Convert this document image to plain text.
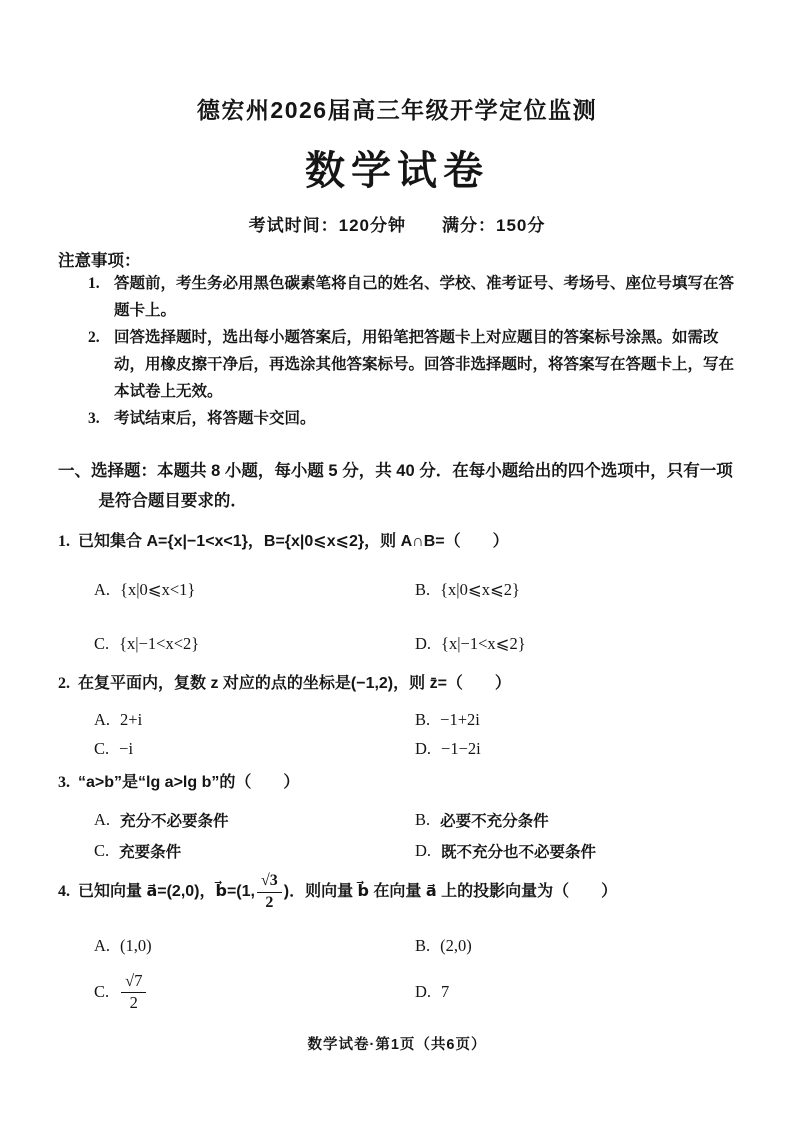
德宏州2026届高三年级开学定位监测
数学试卷
考试时间：120分钟　　满分：150分
注意事项：
1. 答题前，考生务必用黑色碳素笔将自己的姓名、学校、准考证号、考场号、座位号填写在答题卡上。
2. 回答选择题时，选出每小题答案后，用铅笔把答题卡上对应题目的答案标号涂黑。如需改动，用橡皮擦干净后，再选涂其他答案标号。回答非选择题时，将答案写在答题卡上，写在本试卷上无效。
3. 考试结束后，将答题卡交回。
一、选择题：本题共 8 小题，每小题 5 分，共 40 分．在每小题给出的四个选项中，只有一项是符合题目要求的．
1. 已知集合 A={x|−1<x<1}，B={x|0⩽x⩽2}，则 A∩B=（　　）
A. {x|0⩽x<1}	B. {x|0⩽x⩽2}
C. {x|−1<x<2}	D. {x|−1<x⩽2}
2. 在复平面内，复数 z 对应的点的坐标是(−1,2)，则 z̄=（　　）
A. 2+i	B. −1+2i
C. −i	D. −1−2i
3. “a>b”是“lg a>lg b”的（　　）
A. 充分不必要条件	B. 必要不充分条件
C. 充要条件	D. 既不充分也不必要条件
4. 已知向量 a⃗=(2,0)，b⃗=(1, $\frac{√3}{2}$ )．则向量 b⃗ 在向量 a⃗ 上的投影向量为（　　）
A. (1,0)	B. (2,0)
C. $\frac{√7}{2}$	D. 7
数学试卷·第1页（共6页）
